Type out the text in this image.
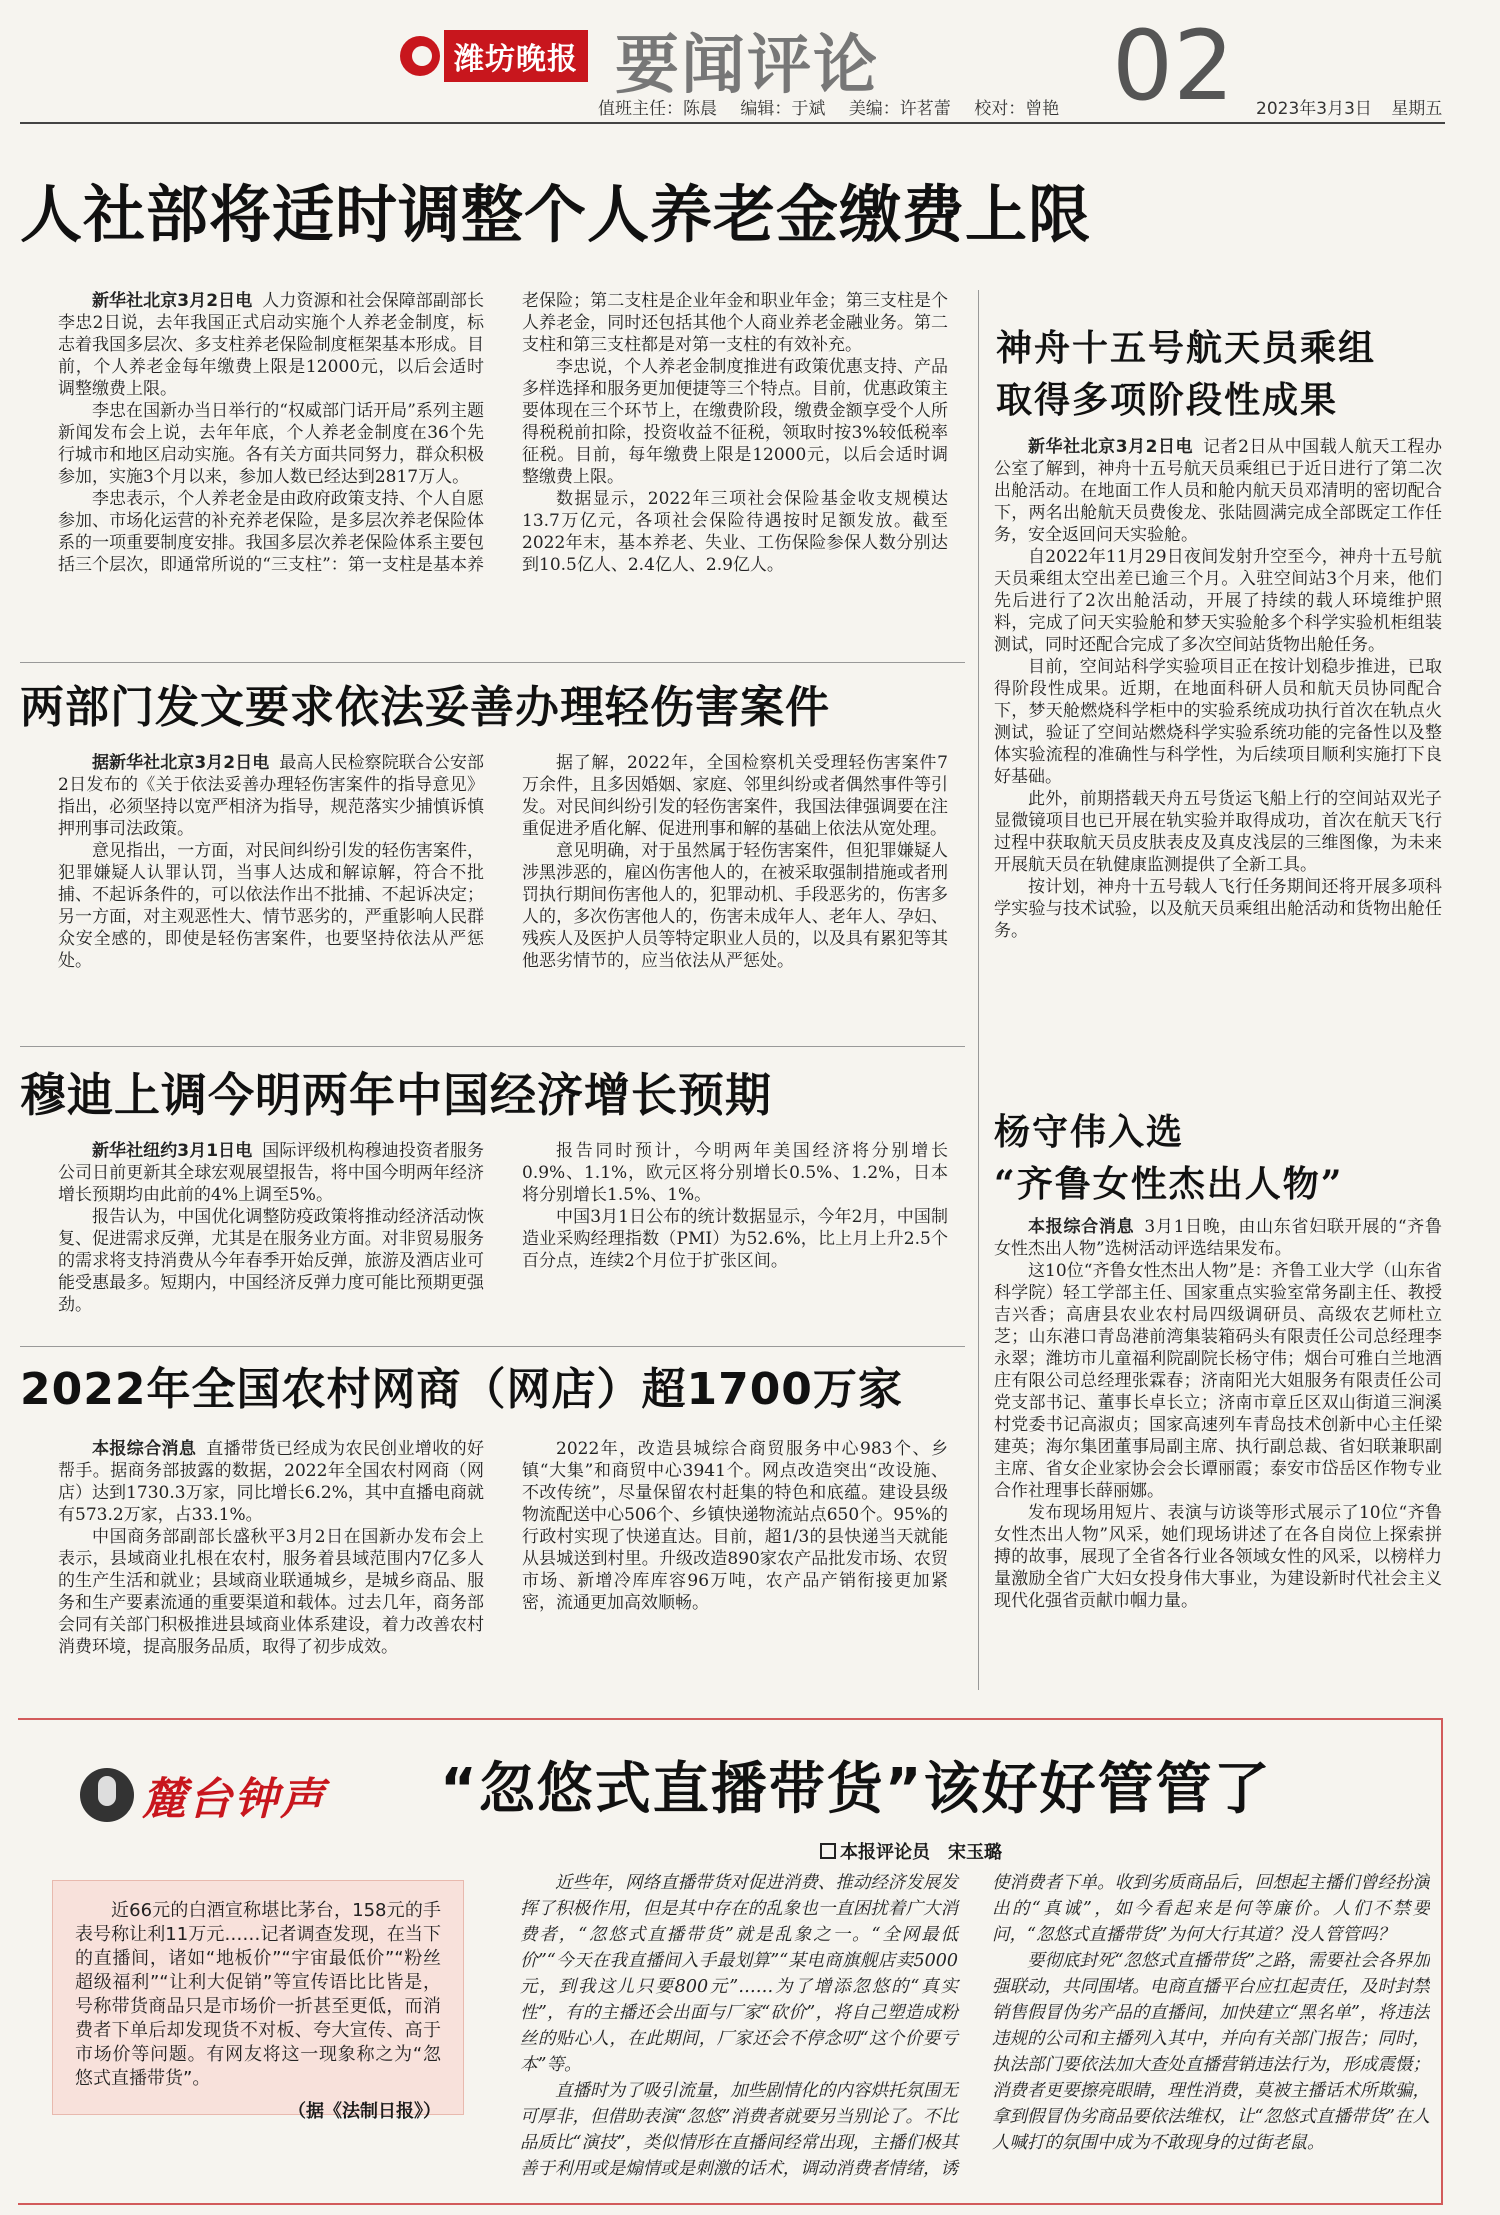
潍坊晚报 要闻评论 02
值班主任：陈晨 编辑：于斌 美编：许茗蕾 校对：曾艳	2023年3月3日 星期五
人社部将适时调整个人养老金缴费上限

新华社北京3月2日电 人力资源和社会保障部副部长李忠2日说，去年我国正式启动实施个人养老金制度，标志着我国多层次、多支柱养老保险制度框架基本形成。目前，个人养老金每年缴费上限是12000元，以后会适时调整缴费上限。

李忠在国新办当日举行的“权威部门话开局”系列主题新闻发布会上说，去年年底，个人养老金制度在36个先行城市和地区启动实施。各有关方面共同努力，群众积极参加，实施3个月以来，参加人数已经达到2817万人。

李忠表示，个人养老金是由政府政策支持、个人自愿参加、市场化运营的补充养老保险，是多层次养老保险体系的一项重要制度安排。我国多层次养老保险体系主要包括三个层次，即通常所说的“三支柱”：第一支柱是基本养老保险；第二支柱是企业年金和职业年金；第三支柱是个人养老金，同时还包括其他个人商业养老金融业务。第二支柱和第三支柱都是对第一支柱的有效补充。

李忠说，个人养老金制度推进有政策优惠支持、产品多样选择和服务更加便捷等三个特点。目前，优惠政策主要体现在三个环节上，在缴费阶段，缴费金额享受个人所得税税前扣除，投资收益不征税，领取时按3%较低税率征税。目前，每年缴费上限是12000元，以后会适时调整缴费上限。

数据显示，2022年三项社会保险基金收支规模达13.7万亿元，各项社会保险待遇按时足额发放。截至2022年末，基本养老、失业、工伤保险参保人数分别达到10.5亿人、2.4亿人、2.9亿人。

两部门发文要求依法妥善办理轻伤害案件

据新华社北京3月2日电 最高人民检察院联合公安部2日发布的《关于依法妥善办理轻伤害案件的指导意见》指出，必须坚持以宽严相济为指导，规范落实少捕慎诉慎押刑事司法政策。

意见指出，一方面，对民间纠纷引发的轻伤害案件，犯罪嫌疑人认罪认罚，当事人达成和解谅解，符合不批捕、不起诉条件的，可以依法作出不批捕、不起诉决定；另一方面，对主观恶性大、情节恶劣的，严重影响人民群众安全感的，即使是轻伤害案件，也要坚持依法从严惩处。

据了解，2022年，全国检察机关受理轻伤害案件7万余件，且多因婚姻、家庭、邻里纠纷或者偶然事件等引发。对民间纠纷引发的轻伤害案件，我国法律强调要在注重促进矛盾化解、促进刑事和解的基础上依法从宽处理。

意见明确，对于虽然属于轻伤害案件，但犯罪嫌疑人涉黑涉恶的，雇凶伤害他人的，在被采取强制措施或者刑罚执行期间伤害他人的，犯罪动机、手段恶劣的，伤害多人的，多次伤害他人的，伤害未成年人、老年人、孕妇、残疾人及医护人员等特定职业人员的，以及具有累犯等其他恶劣情节的，应当依法从严惩处。

穆迪上调今明两年中国经济增长预期

新华社纽约3月1日电 国际评级机构穆迪投资者服务公司日前更新其全球宏观展望报告，将中国今明两年经济增长预期均由此前的4%上调至5%。

报告认为，中国优化调整防疫政策将推动经济活动恢复、促进需求反弹，尤其是在服务业方面。对非贸易服务的需求将支持消费从今年春季开始反弹，旅游及酒店业可能受惠最多。短期内，中国经济反弹力度可能比预期更强劲。

报告同时预计，今明两年美国经济将分别增长0.9%、1.1%，欧元区将分别增长0.5%、1.2%，日本将分别增长1.5%、1%。

中国3月1日公布的统计数据显示，今年2月，中国制造业采购经理指数（PMI）为52.6%，比上月上升2.5个百分点，连续2个月位于扩张区间。

2022年全国农村网商（网店）超1700万家

本报综合消息 直播带货已经成为农民创业增收的好帮手。据商务部披露的数据，2022年全国农村网商（网店）达到1730.3万家，同比增长6.2%，其中直播电商就有573.2万家，占33.1%。

中国商务部副部长盛秋平3月2日在国新办发布会上表示，县域商业扎根在农村，服务着县域范围内7亿多人的生产生活和就业；县域商业联通城乡，是城乡商品、服务和生产要素流通的重要渠道和载体。过去几年，商务部会同有关部门积极推进县域商业体系建设，着力改善农村消费环境，提高服务品质，取得了初步成效。

2022年，改造县城综合商贸服务中心983个、乡镇“大集”和商贸中心3941个。网点改造突出“改设施、不改传统”，尽量保留农村赶集的特色和底蕴。建设县级物流配送中心506个、乡镇快递物流站点650个。95%的行政村实现了快递直达。目前，超1/3的县快递当天就能从县城送到村里。升级改造890家农产品批发市场、农贸市场、新增冷库库容96万吨，农产品产销衔接更加紧密，流通更加高效顺畅。

神舟十五号航天员乘组
取得多项阶段性成果

新华社北京3月2日电 记者2日从中国载人航天工程办公室了解到，神舟十五号航天员乘组已于近日进行了第二次出舱活动。在地面工作人员和舱内航天员邓清明的密切配合下，两名出舱航天员费俊龙、张陆圆满完成全部既定工作任务，安全返回问天实验舱。

自2022年11月29日夜间发射升空至今，神舟十五号航天员乘组太空出差已逾三个月。入驻空间站3个月来，他们先后进行了2次出舱活动，开展了持续的载人环境维护照料，完成了问天实验舱和梦天实验舱多个科学实验机柜组装测试，同时还配合完成了多次空间站货物出舱任务。

目前，空间站科学实验项目正在按计划稳步推进，已取得阶段性成果。近期，在地面科研人员和航天员协同配合下，梦天舱燃烧科学柜中的实验系统成功执行首次在轨点火测试，验证了空间站燃烧科学实验系统功能的完备性以及整体实验流程的准确性与科学性，为后续项目顺利实施打下良好基础。

此外，前期搭载天舟五号货运飞船上行的空间站双光子显微镜项目也已开展在轨实验并取得成功，首次在航天飞行过程中获取航天员皮肤表皮及真皮浅层的三维图像，为未来开展航天员在轨健康监测提供了全新工具。

按计划，神舟十五号载人飞行任务期间还将开展多项科学实验与技术试验，以及航天员乘组出舱活动和货物出舱任务。

杨守伟入选
“齐鲁女性杰出人物”

本报综合消息 3月1日晚，由山东省妇联开展的“齐鲁女性杰出人物”选树活动评选结果发布。

这10位“齐鲁女性杰出人物”是：齐鲁工业大学（山东省科学院）轻工学部主任、国家重点实验室常务副主任、教授吉兴香；高唐县农业农村局四级调研员、高级农艺师杜立芝；山东港口青岛港前湾集装箱码头有限责任公司总经理李永翠；潍坊市儿童福利院副院长杨守伟；烟台可雅白兰地酒庄有限公司总经理张霖春；济南阳光大姐服务有限责任公司党支部书记、董事长卓长立；济南市章丘区双山街道三涧溪村党委书记高淑贞；国家高速列车青岛技术创新中心主任梁建英；海尔集团董事局副主席、执行副总裁、省妇联兼职副主席、省女企业家协会会长谭丽霞；泰安市岱岳区作物专业合作社理事长薛丽娜。

发布现场用短片、表演与访谈等形式展示了10位“齐鲁女性杰出人物”风采，她们现场讲述了在各自岗位上探索拼搏的故事，展现了全省各行业各领域女性的风采，以榜样力量激励全省广大妇女投身伟大事业，为建设新时代社会主义现代化强省贡献巾帼力量。

麓台钟声 “忽悠式直播带货”该好好管管了
本报评论员　宋玉璐

近66元的白酒宣称堪比茅台，158元的手表号称让利11万元……记者调查发现，在当下的直播间，诸如“地板价”“宇宙最低价”“粉丝超级福利”“让利大促销”等宣传语比比皆是，号称带货商品只是市场价一折甚至更低，而消费者下单后却发现货不对板、夸大宣传、高于市场价等问题。有网友将这一现象称之为“忽悠式直播带货”。

（据《法制日报》）

近些年，网络直播带货对促进消费、推动经济发展发挥了积极作用，但是其中存在的乱象也一直困扰着广大消费者，“忽悠式直播带货”就是乱象之一。“全网最低价”“今天在我直播间入手最划算”“某电商旗舰店卖5000元，到我这儿只要800元”……为了增添忽悠的“真实性”，有的主播还会出面与厂家“砍价”，将自己塑造成粉丝的贴心人，在此期间，厂家还会不停念叨“这个价要亏本”等。

直播时为了吸引流量，加些剧情化的内容烘托氛围无可厚非，但借助表演“忽悠”消费者就要另当别论了。不比品质比“演技”，类似情形在直播间经常出现，主播们极其善于利用或是煽情或是刺激的话术，调动消费者情绪，诱使消费者下单。收到劣质商品后，回想起主播们曾经扮演出的“真诚”，如今看起来是何等廉价。人们不禁要问，“忽悠式直播带货”为何大行其道？没人管管吗？

要彻底封死“忽悠式直播带货”之路，需要社会各界加强联动，共同围堵。电商直播平台应扛起责任，及时封禁销售假冒伪劣产品的直播间，加快建立“黑名单”，将违法违规的公司和主播列入其中，并向有关部门报告；同时，执法部门要依法加大查处直播营销违法行为，形成震慑；消费者更要擦亮眼睛，理性消费，莫被主播话术所欺骗，拿到假冒伪劣商品要依法维权，让“忽悠式直播带货”在人人喊打的氛围中成为不敢现身的过街老鼠。
